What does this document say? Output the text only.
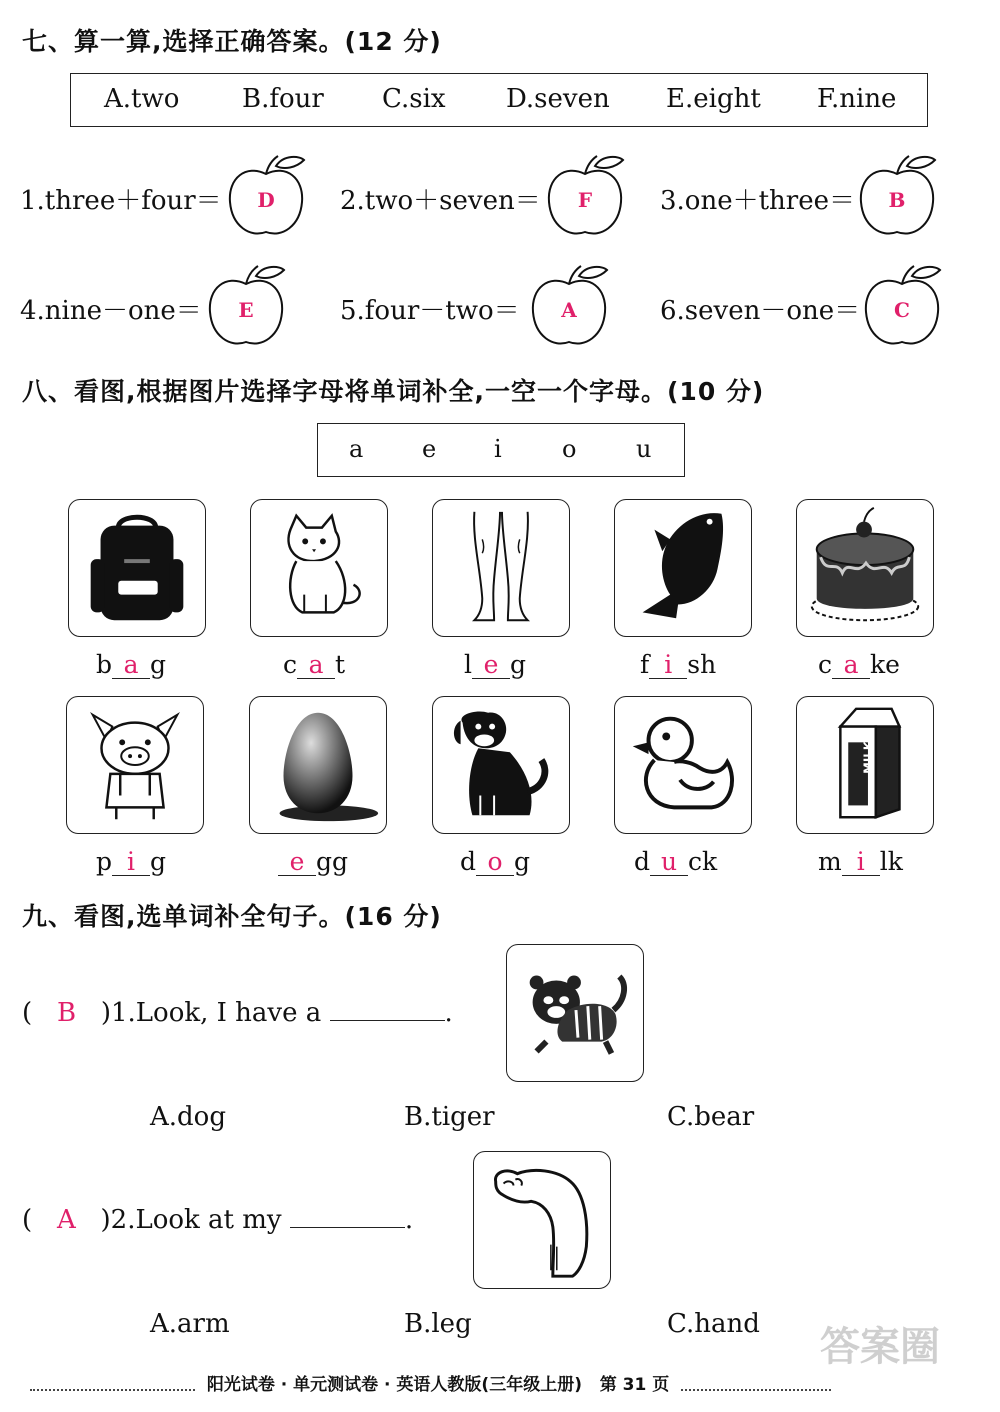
七、算一算,选择正确答案。(12 分)
A.two B.four C.six D.seven E.eight F.nine
1.three＋four＝	2.two＋seven＝	3.one＋three＝
4.nine－one＝	5.four－two＝	6.seven－one＝
D	F	B
E	A	C
八、看图,根据图片选择字母将单词补全,一空一个字母。(10 分)
a e i	o u
b a g	c a t	l e g	f i sh	c a ke
MILK
p i g	e gg	d o g	d u ck	m i lk
九、看图,选单词补全句子。(16 分)
(   B )1.Look, I have a	.
A.dog	B.tiger	C.bear
(   A )2.Look at my	.
A.arm	B.leg	C.hand 答案圈
阳光试卷 · 单元测试卷 · 英语人教版(三年级上册) 第 31 页
